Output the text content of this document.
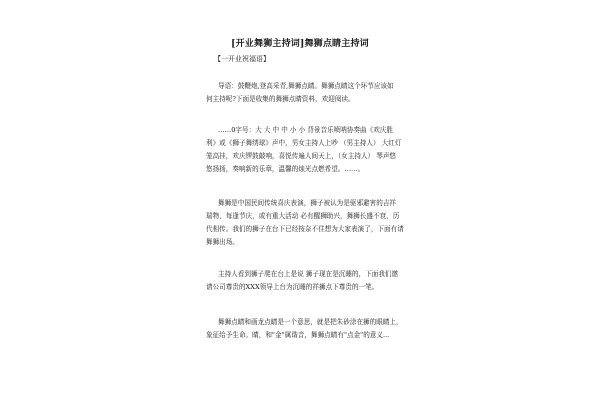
[开业舞狮主持词]舞狮点睛主持词
【一开业祝福语】
导语：鼓鞭炮,登高采青,舞狮点睛。舞狮点睛这个环节应该如
何主持呢?下面是收集的舞狮点睛资料，欢迎阅读。
……0字号：大 大 中 中 小 小 背景音乐喷呐协奏曲《欢庆胜
利》或《狮子舞绣球》声中，男女主持人上吵 （男主持人） 大红灯
笼高挂，欢庆锣鼓敲响，喜悦传遍人间天上，（女主持人） 琴声悠
悠扬扬，奏响新的乐章，温馨的烛光点燃希望。……。
舞狮是中国民间传统喜庆表演，狮子被认为是驱邪避害的吉祥
瑞物，每逢节庆，或有重大活动 必有醒狮助兴，舞狮长盛不衰，历
代相传。我们的狮子在台下已经按奈不住想为大家表演了，下面有请
舞狮出场。
主持人看到狮子爬在台上是说 狮子现在是沉睡的，下面我们邀
请公司尊贵的XXX领导上台为沉睡的祥狮点下尊贵的一笔。
舞狮点睛和画龙点睛是一个意思，就是把朱砂涂在狮的眼睛上，
象征给予生命。睛，和"金"属谐音，舞狮点睛有"点金"的意义...
